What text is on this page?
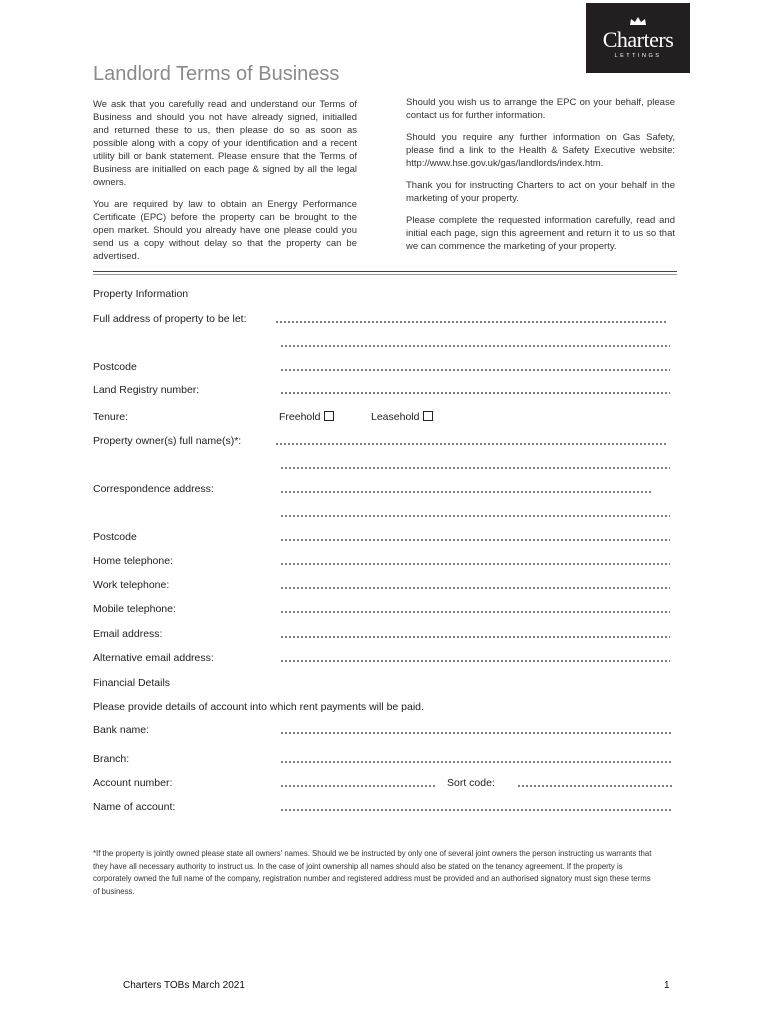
Charters
LETTINGS
Landlord Terms of Business

We ask that you carefully read and understand our Terms of Business and should you not have already signed, initialled and returned these to us, then please do so as soon as possible along with a copy of your identification and a recent utility bill or bank statement. Please ensure that the Terms of Business are initialled on each page & signed by all the legal owners.

You are required by law to obtain an Energy Performance Certificate (EPC) before the property can be brought to the open market. Should you already have one please could you send us a copy without delay so that the property can be advertised.

Should you wish us to arrange the EPC on your behalf, please contact us for further information.

Should you require any further information on Gas Safety, please find a link to the Health & Safety Executive website: http://www.hse.gov.uk/gas/landlords/index.htm.

Thank you for instructing Charters to act on your behalf in the marketing of your property.

Please complete the requested information carefully, read and initial each page, sign this agreement and return it to us so that we can commence the marketing of your property.

Property Information
Full address of property to be let:
Postcode
Land Registry number:
Tenure:	Freehold	Leasehold
Property owner(s) full name(s)*:
Correspondence address:
Postcode
Home telephone:
Work telephone:
Mobile telephone:
Email address:
Alternative email address:
Financial Details
Please provide details of account into which rent payments will be paid.
Bank name:
Branch:
Account number:	Sort code:
Name of account:
*If the property is jointly owned please state all owners' names. Should we be instructed by only one of several joint owners the person instructing us warrants that they have all necessary authority to instruct us. In the case of joint ownership all names should also be stated on the tenancy agreement. If the property is corporately owned the full name of the company, registration number and registered address must be provided and an authorised signatory must sign these terms of business.
Charters TOBs March 2021	1
